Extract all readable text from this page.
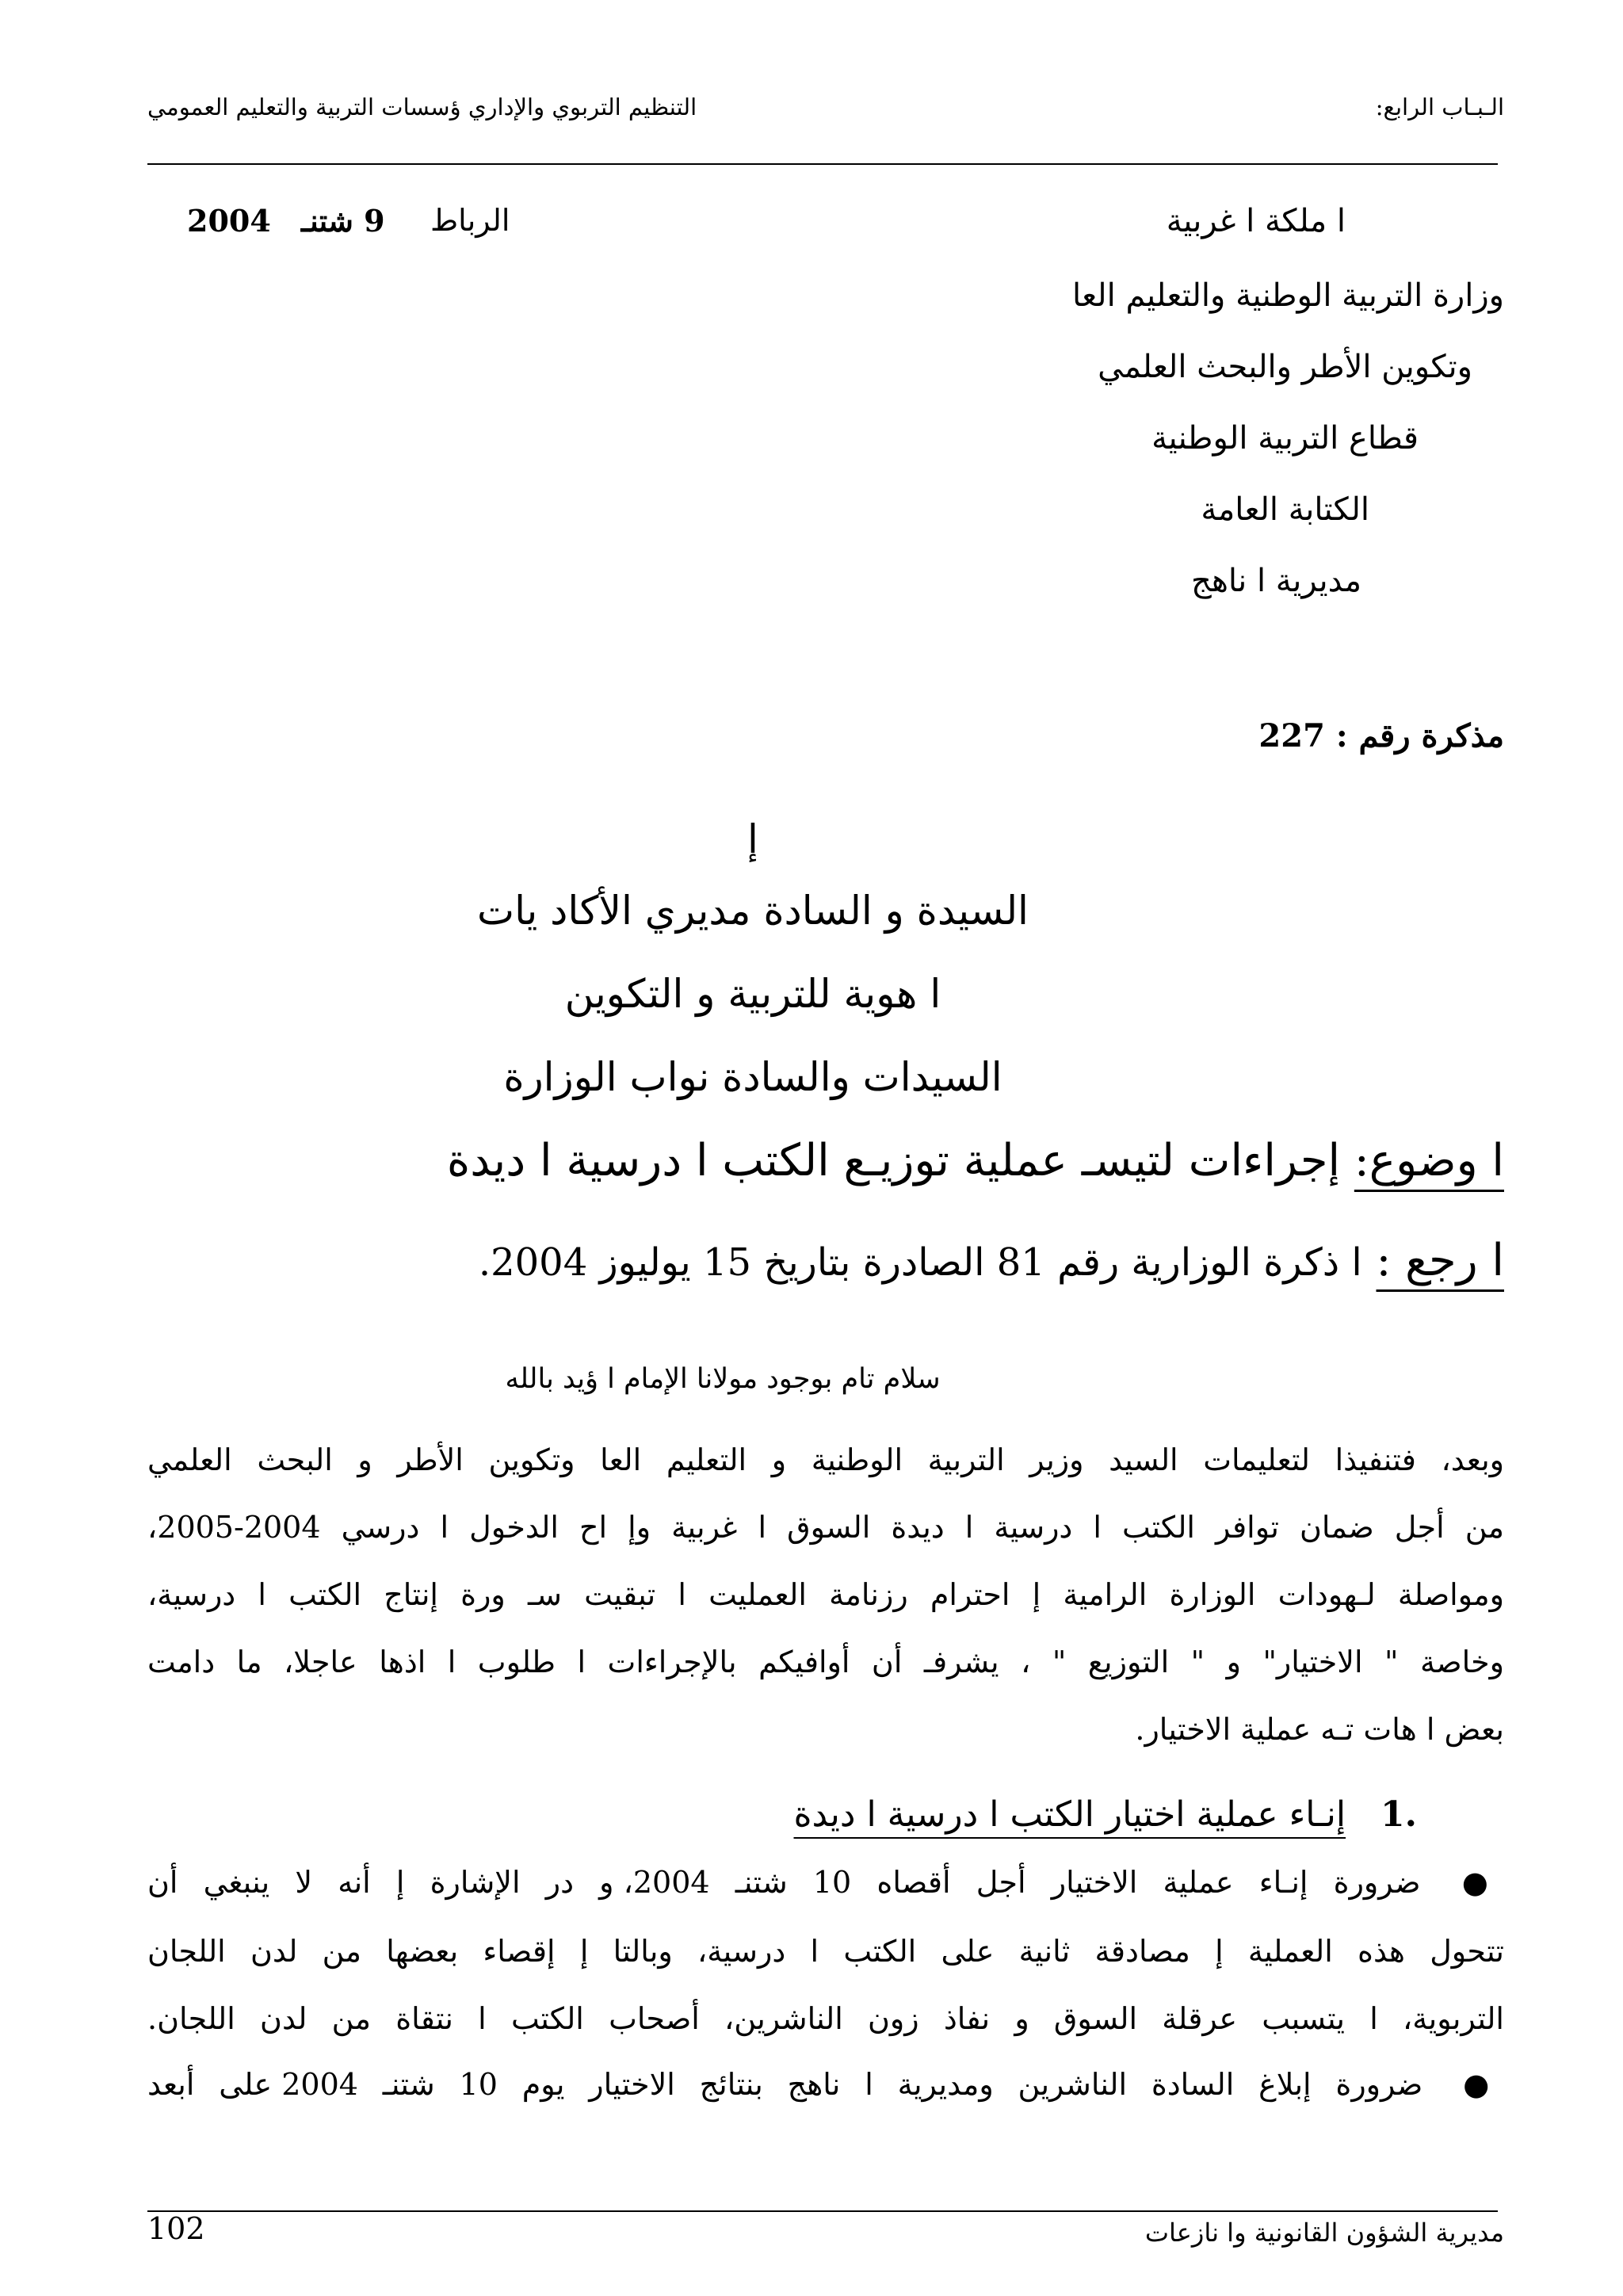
الـبـاب الرابع:
التنظيم التربوي والإداري ؤسسات التربية والتعليم العمومي
ا ملكة ا غربية
وزارة التربية الوطنية والتعليم العا
وتكوين الأطر والبحث العلمي
قطاع التربية الوطنية
الكتابة العامة
مديرية ا ناهج
الرباط
9 شتنـ
2004
مذكرة رقم : 227
إ
السيدة و السادة مديري الأكاد يات
ا هوية للتربية و التكوين
السيدات والسادة نواب الوزارة
ا وضوع: إجراءات لتيسـ عملية توزيـع الكتب ا درسية ا ديدة
ا رجع : ا ذكرة الوزارية رقم 81 الصادرة بتاريخ 15 يوليوز 2004.
سلام تام بوجود مولانا الإمام ا ؤيد بالله
وبعد، فتنفيذا لتعليمات السيد وزير التربية الوطنية و التعليم العا وتكوين الأطر و البحث العلمي
من أجل ضمان توافر الكتب ا درسية ا ديدة السوق ا غربية وإ اح الدخول ا درسي 2004-2005،
ومواصلة لـهودات الوزارة الرامية إ احترام رزنامة العمليت ا تبقيت سـ ورة إنتاج الكتب ا درسية،
وخاصة " الاختيار" و " التوزيع " ، يشرفـ أن أوافيكم بالإجراءات ا طلوب ا اذها عاجلا، ما دامت
بعض ا هات تـه عملية الاختيار.
.1 إنـاء عملية اختيار الكتب ا درسية ا ديدة
● ضرورة إنـاء عملية الاختيار أجل أقصاه 10 شتنـ 2004، و در الإشارة إ أنه لا ينبغي أن
تتحول هذه العملية إ مصادقة ثانية على الكتب ا درسية، وبالتا إ إقصاء بعضها من لدن اللجان
التربوية، ا يتسبب عرقلة السوق و نفاذ زون الناشرين، أصحاب الكتب ا نتقاة من لدن اللجان.
● ضرورة إبلاغ السادة الناشرين ومديرية ا ناهج بنتائج الاختيار يوم 10 شتنـ 2004 على أبعد
102	مديرية الشؤون القانونية وا نازعات
